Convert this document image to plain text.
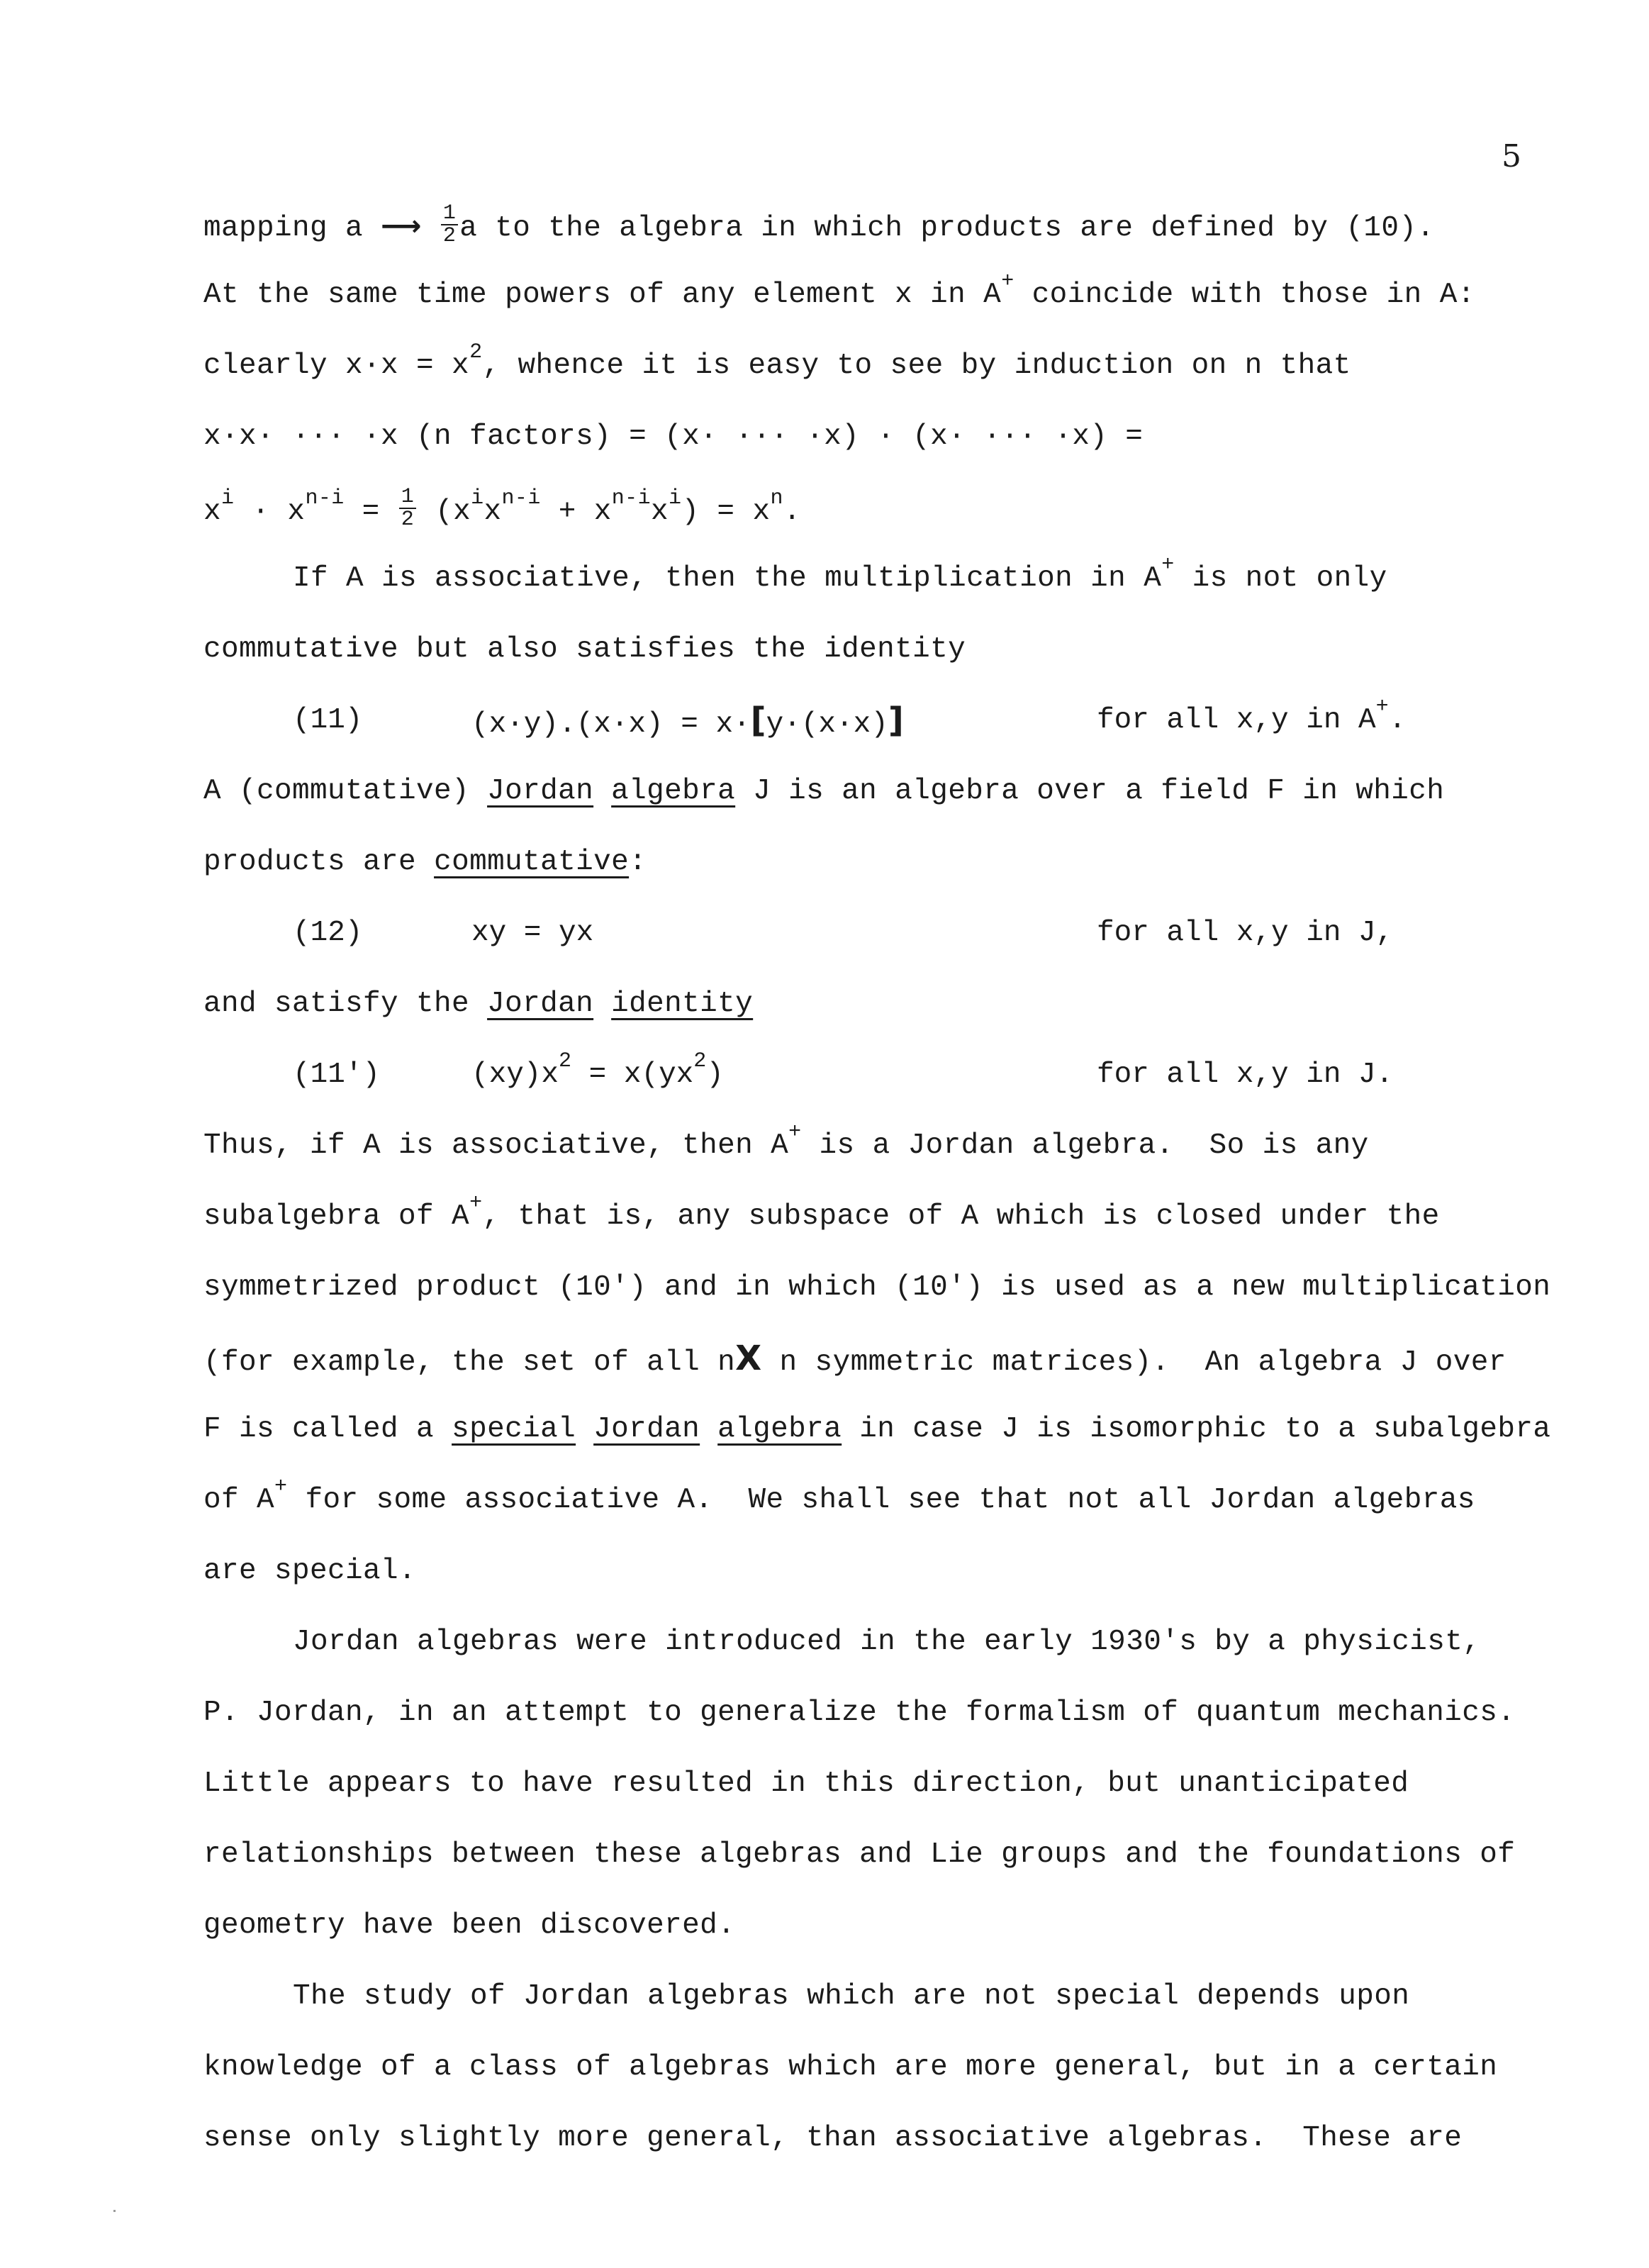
5
mapping a ⟶ $\frac{1}{2}$ a to the algebra in which products are defined by (10).
At the same time powers of any element x in A+ coincide with those in A:
clearly $x\cdot x = x^2$, whence it is easy to see by induction on n that
x·x· ··· ·x (n factors) = (x· ··· ·x) · (x· ··· ·x) =
$x^i \cdot x^{n-i} = \frac{1}{2} (x^ix^{n-i} + x^{n-i}x^i) = x^n$.
If A is associative, then the multiplication in A+ is not only
commutative but also satisfies the identity
(11)	(x·y).(x·x) = x·[y·(x·x)]	for all x,y in A+.
A (commutative) Jordan algebra J is an algebra over a field F in which
products are commutative:
(12)	xy = yx	for all x,y in J,
and satisfy the Jordan identity
(11')	$(xy)x^2 = x(yx^2)$	for all x,y in J.
Thus, if A is associative, then A+ is a Jordan algebra.  So is any
subalgebra of A+, that is, any subspace of A which is closed under the
symmetrized product (10') and in which (10') is used as a new multiplication
(for example, the set of all nX n symmetric matrices).  An algebra J over
F is called a special Jordan algebra in case J is isomorphic to a subalgebra
of A+ for some associative A.  We shall see that not all Jordan algebras
are special.
Jordan algebras were introduced in the early 1930's by a physicist,
P. Jordan, in an attempt to generalize the formalism of quantum mechanics.
Little appears to have resulted in this direction, but unanticipated
relationships between these algebras and Lie groups and the foundations of
geometry have been discovered.
The study of Jordan algebras which are not special depends upon
knowledge of a class of algebras which are more general, but in a certain
sense only slightly more general, than associative algebras.  These are
